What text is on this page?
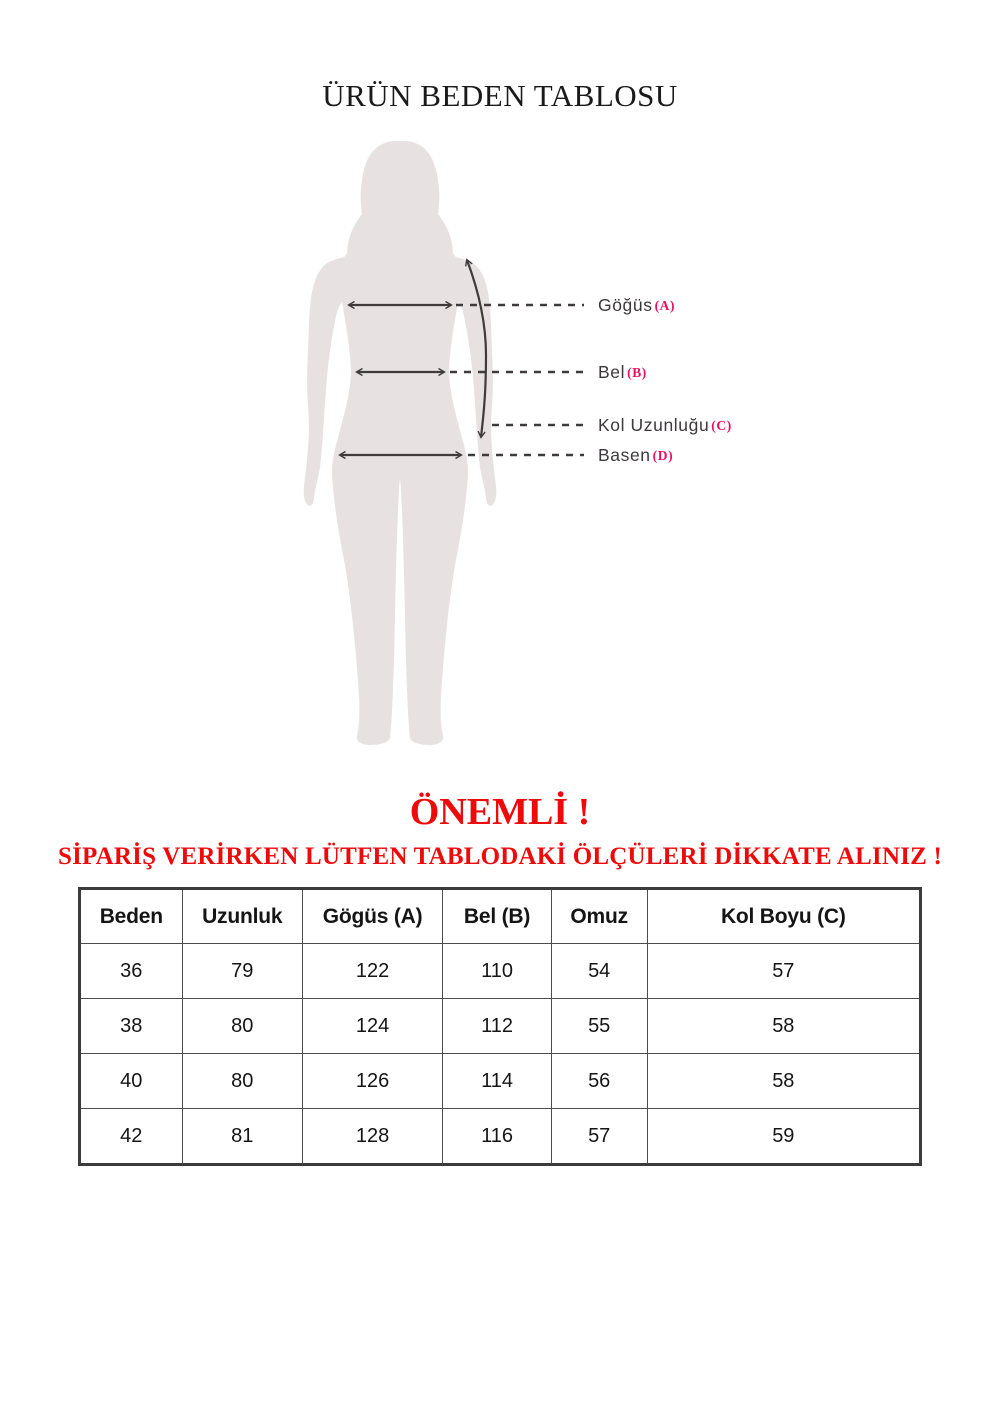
ÜRÜN BEDEN TABLOSU
Göğüs (A)
Bel (B)
Kol Uzunluğu (C)
Basen (D)
ÖNEMLİ !
SİPARİŞ VERİRKEN LÜTFEN TABLODAKİ ÖLÇÜLERİ DİKKATE ALINIZ !
Beden	Uzunluk	Gögüs (A)	Bel (B)	Omuz	Kol Boyu (C)
36	79	122	110	54	57
38	80	124	112	55	58
40	80	126	114	56	58
42	81	128	116	57	59
